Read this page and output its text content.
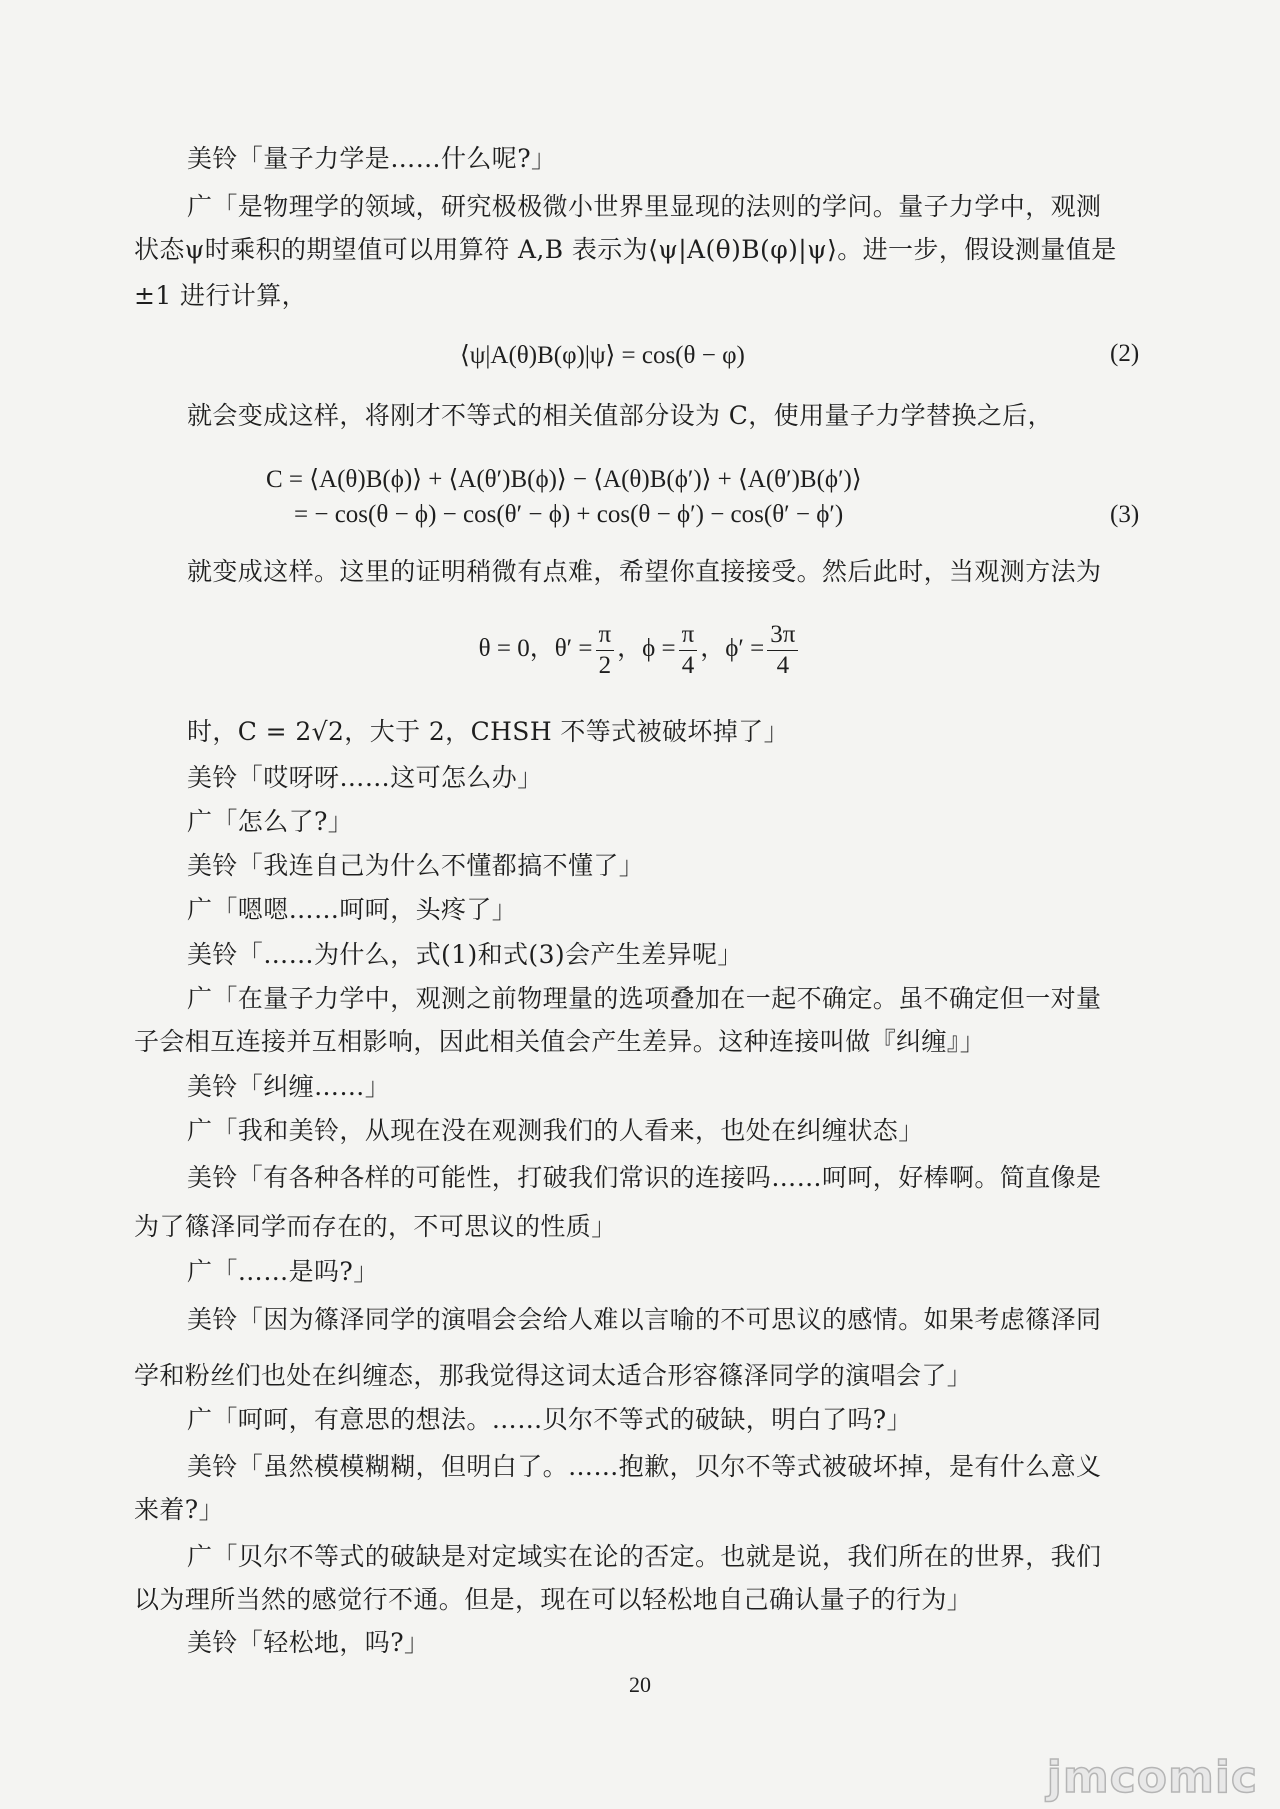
美铃「量子力学是……什么呢?」
广「是物理学的领域，研究极极微小世界里显现的法则的学问。量子力学中，观测
状态ψ时乘积的期望值可以用算符 A,B 表示为⟨ψ|A(θ)B(φ)|ψ⟩。进一步，假设测量值是
±1 进行计算，
⟨ψ|A(θ)B(φ)|ψ⟩ = cos(θ − φ)	(2)
就会变成这样，将刚才不等式的相关值部分设为 C，使用量子力学替换之后，
C = ⟨A(θ)B(ϕ)⟩ + ⟨A(θ′)B(ϕ)⟩ − ⟨A(θ)B(ϕ′)⟩ + ⟨A(θ′)B(ϕ′)⟩
= − cos(θ − ϕ) − cos(θ′ − ϕ) + cos(θ − ϕ′) − cos(θ′ − ϕ′)	(3)
就变成这样。这里的证明稍微有点难，希望你直接接受。然后此时，当观测方法为
θ = 0，$\theta' = \frac{\pi}{2}$ ，$\phi = \frac{\pi}{4}$ ，$\phi' = \frac{3\pi}{4}$
时，C = 2√2，大于 2，CHSH 不等式被破坏掉了」
美铃「哎呀呀……这可怎么办」
广「怎么了?」
美铃「我连自己为什么不懂都搞不懂了」
广「嗯嗯……呵呵，头疼了」
美铃「……为什么，式(1)和式(3)会产生差异呢」
广「在量子力学中，观测之前物理量的选项叠加在一起不确定。虽不确定但一对量
子会相互连接并互相影响，因此相关值会产生差异。这种连接叫做『纠缠』」
美铃「纠缠……」
广「我和美铃，从现在没在观测我们的人看来，也处在纠缠状态」
美铃「有各种各样的可能性，打破我们常识的连接吗……呵呵，好棒啊。简直像是
为了篠泽同学而存在的，不可思议的性质」
广「……是吗?」
美铃「因为篠泽同学的演唱会会给人难以言喻的不可思议的感情。如果考虑篠泽同
学和粉丝们也处在纠缠态，那我觉得这词太适合形容篠泽同学的演唱会了」
广「呵呵，有意思的想法。……贝尔不等式的破缺，明白了吗?」
美铃「虽然模模糊糊，但明白了。……抱歉，贝尔不等式被破坏掉，是有什么意义
来着?」
广「贝尔不等式的破缺是对定域实在论的否定。也就是说，我们所在的世界，我们
以为理所当然的感觉行不通。但是，现在可以轻松地自己确认量子的行为」
美铃「轻松地，吗?」
20
jmcomic
